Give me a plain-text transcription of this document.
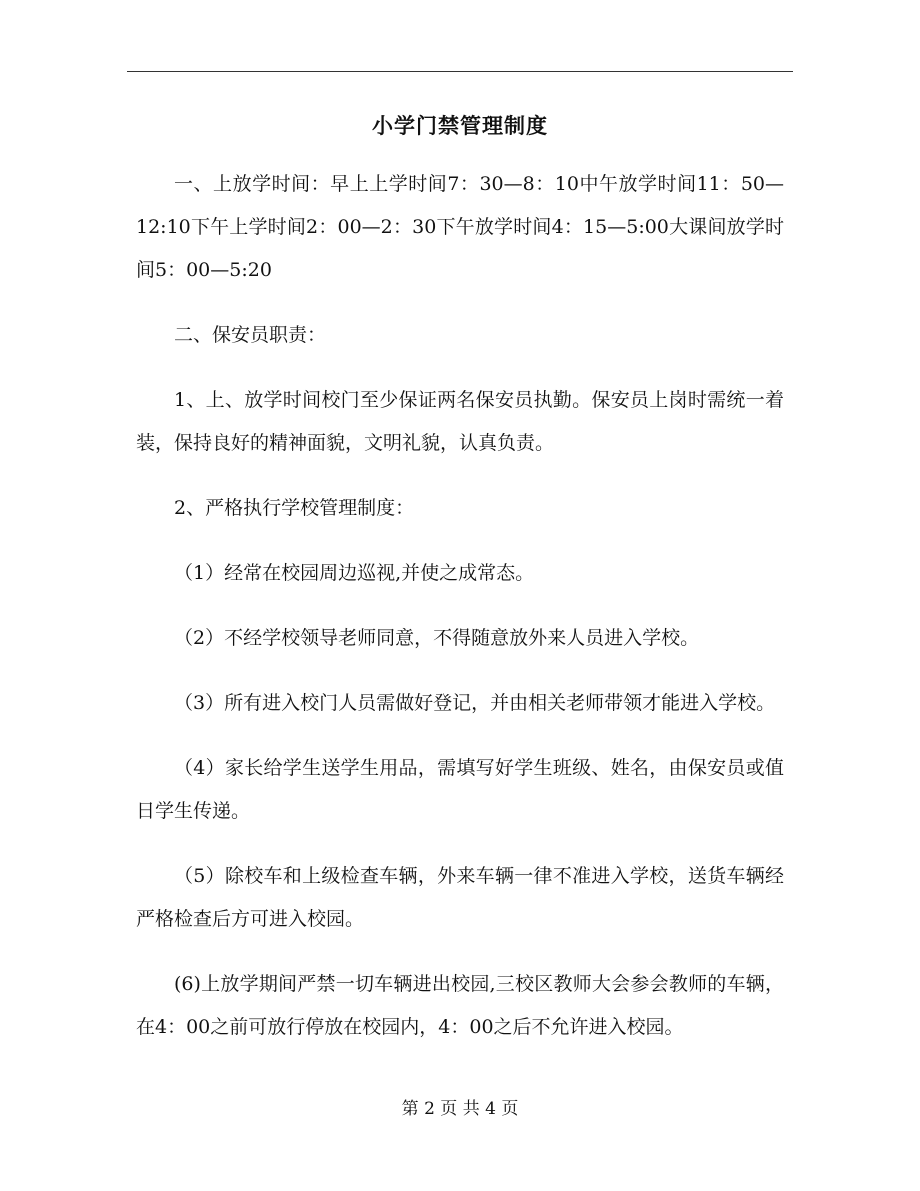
小学门禁管理制度

一、上放学时间：早上上学时间7：30—8：10中午放学时间11：50—12:10下午上学时间2：00—2：30下午放学时间4：15—5:00大课间放学时间5：00—5:20

二、保安员职责：

1、上、放学时间校门至少保证两名保安员执勤。保安员上岗时需统一着装，保持良好的精神面貌，文明礼貌，认真负责。

2、严格执行学校管理制度：

（1）经常在校园周边巡视,并使之成常态。

（2）不经学校领导老师同意，不得随意放外来人员进入学校。

（3）所有进入校门人员需做好登记，并由相关老师带领才能进入学校。

（4）家长给学生送学生用品，需填写好学生班级、姓名，由保安员或值日学生传递。

（5）除校车和上级检查车辆，外来车辆一律不准进入学校，送货车辆经严格检查后方可进入校园。

(6)上放学期间严禁一切车辆进出校园,三校区教师大会参会教师的车辆，在4：00之前可放行停放在校园内，4：00之后不允许进入校园。

第 2 页 共 4 页
